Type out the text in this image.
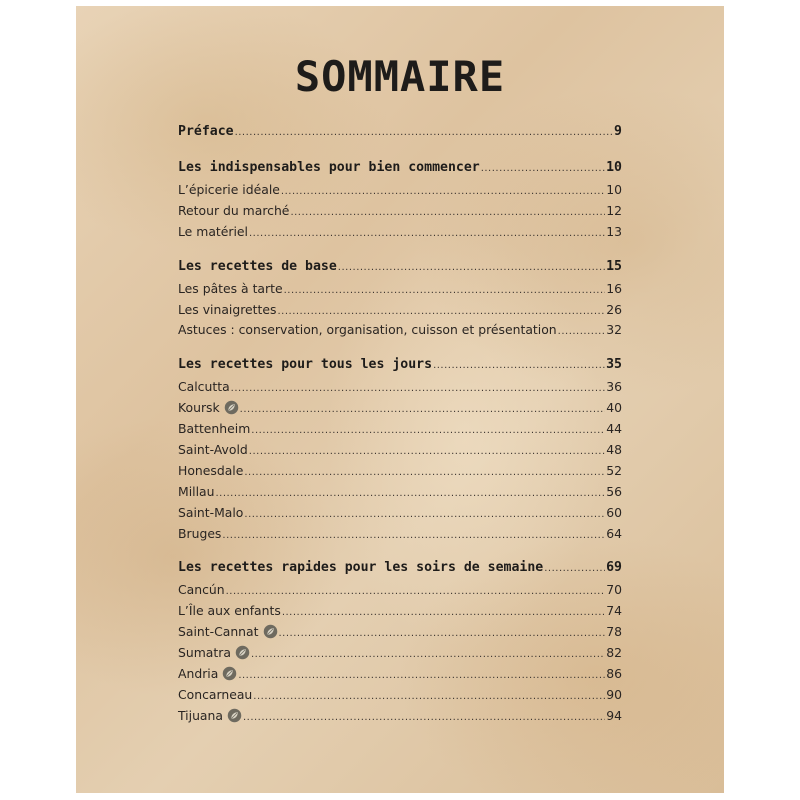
SOMMAIRE
Préface .....	9
Les indispensables pour bien commencer .....	10
L’épicerie idéale .....	10
Retour du marché .....	12
Le matériel .....	13
Les recettes de base .....	15
Les pâtes à tarte .....	16
Les vinaigrettes .....	26
Astuces : conservation, organisation, cuisson et présentation .....	32
Les recettes pour tous les jours .....	35
Calcutta .....	36
Koursk .....	40
Battenheim .....	44
Saint-Avold .....	48
Honesdale .....	52
Millau .....	56
Saint-Malo .....	60
Bruges .....	64
Les recettes rapides pour les soirs de semaine .....	69
Cancún .....	70
L’Île aux enfants .....	74
Saint-Cannat .....	78
Sumatra .....	82
Andria .....	86
Concarneau .....	90
Tijuana .....	94
